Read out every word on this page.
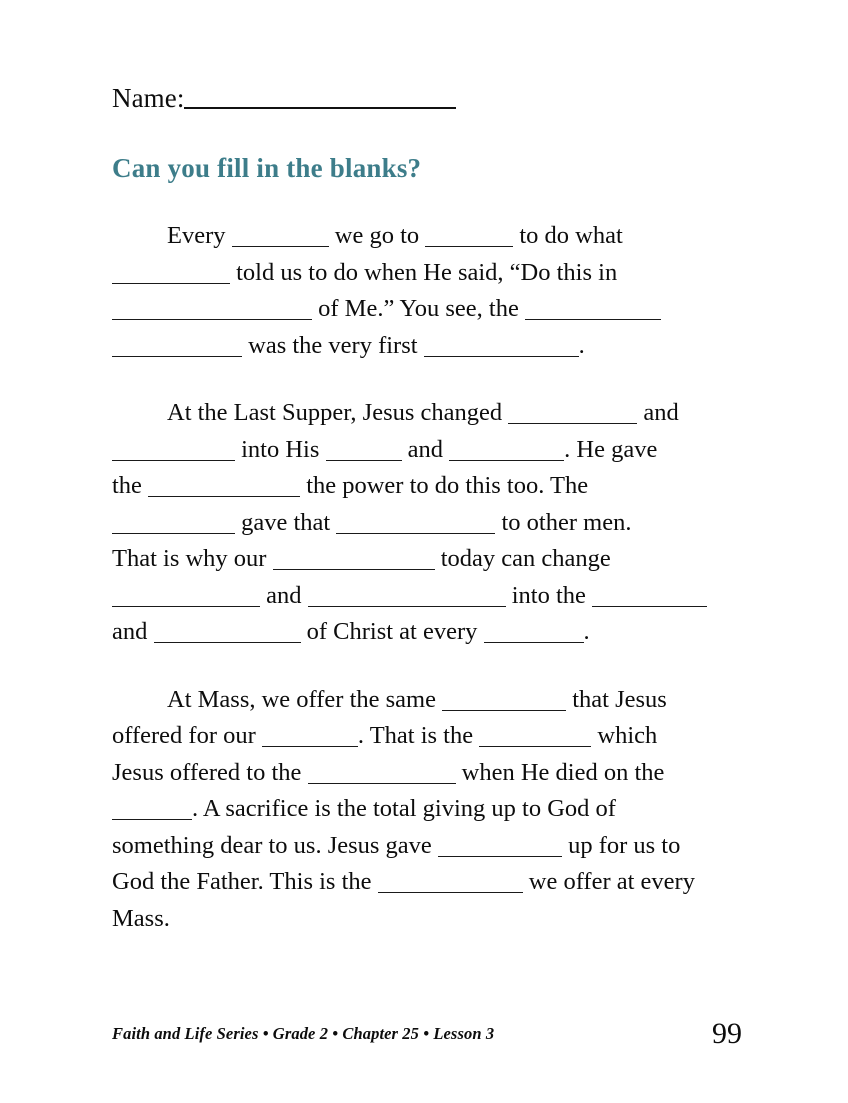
Name:
Can you fill in the blanks?
Every	we go to	to do what
told us to do when He said, “Do this in
of Me.” You see, the
was the very first	.
At the Last Supper, Jesus changed	and
into His	and	. He gave
the	the power to do this too. The
gave that	to other men.
That is why our	today can change
and	into the
and	of Christ at every	.
At Mass, we offer the same	that Jesus
offered for our	. That is the	which
Jesus offered to the	when He died on the
. A sacrifice is the total giving up to God of
something dear to us. Jesus gave	up for us to
God the Father. This is the	we offer at every
Mass.
Faith and Life Series • Grade 2 • Chapter 25 • Lesson 3	99
